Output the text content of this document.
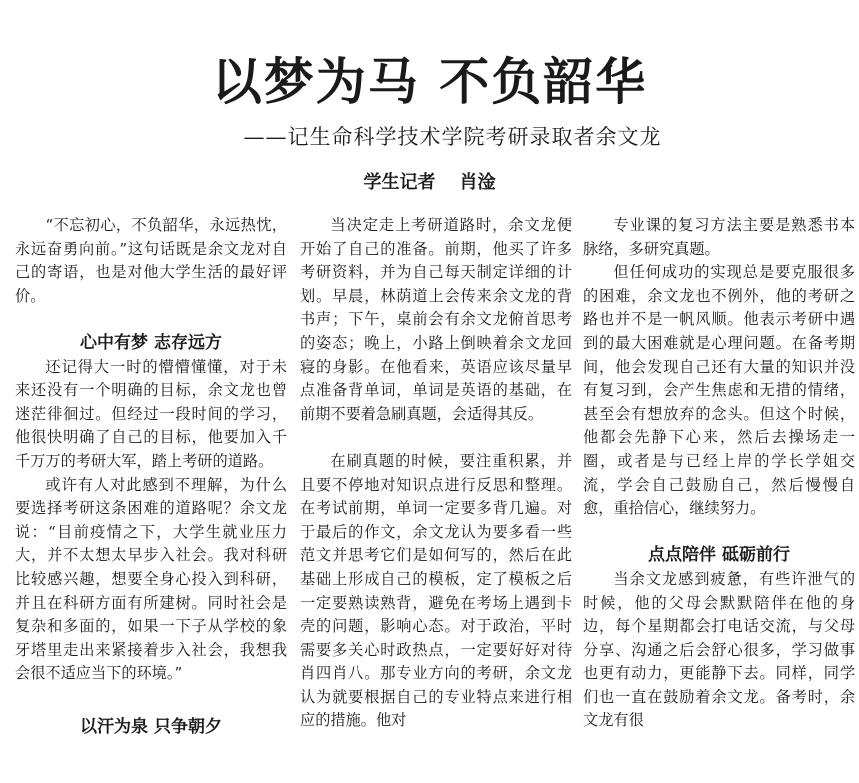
以梦为马 不负韶华
——记生命科学技术学院考研录取者余文龙
学生记者 肖淦

“不忘初心，不负韶华，永远热忱，永远奋勇向前。”这句话既是余文龙对自己的寄语，也是对他大学生活的最好评价。

心中有梦 志存远方

还记得大一时的懵懵懂懂，对于未来还没有一个明确的目标，余文龙也曾迷茫徘徊过。但经过一段时间的学习，他很快明确了自己的目标，他要加入千千万万的考研大军，踏上考研的道路。

或许有人对此感到不理解，为什么要选择考研这条困难的道路呢？余文龙说：“目前疫情之下，大学生就业压力大，并不太想太早步入社会。我对科研比较感兴趣，想要全身心投入到科研，并且在科研方面有所建树。同时社会是复杂和多面的，如果一下子从学校的象牙塔里走出来紧接着步入社会，我想我会很不适应当下的环境。”

以汗为泉 只争朝夕

当决定走上考研道路时，余文龙便开始了自己的准备。前期，他买了许多考研资料，并为自己每天制定详细的计划。早晨，林荫道上会传来余文龙的背书声；下午，桌前会有余文龙俯首思考的姿态；晚上，小路上倒映着余文龙回寝的身影。在他看来，英语应该尽量早点准备背单词，单词是英语的基础，在前期不要着急刷真题，会适得其反。

在刷真题的时候，要注重积累，并且要不停地对知识点进行反思和整理。在考试前期，单词一定要多背几遍。对于最后的作文，余文龙认为要多看一些范文并思考它们是如何写的，然后在此基础上形成自己的模板，定了模板之后一定要熟读熟背，避免在考场上遇到卡壳的问题，影响心态。对于政治，平时需要多关心时政热点，一定要好好对待肖四肖八。那专业方向的考研，余文龙认为就要根据自己的专业特点来进行相应的措施。他对

专业课的复习方法主要是熟悉书本脉络，多研究真题。

但任何成功的实现总是要克服很多的困难，余文龙也不例外，他的考研之路也并不是一帆风顺。他表示考研中遇到的最大困难就是心理问题。在备考期间，他会发现自己还有大量的知识并没有复习到，会产生焦虑和无措的情绪，甚至会有想放弃的念头。但这个时候，他都会先静下心来，然后去操场走一圈，或者是与已经上岸的学长学姐交流，学会自己鼓励自己，然后慢慢自愈，重拾信心，继续努力。

点点陪伴 砥砺前行

当余文龙感到疲惫，有些许泄气的时候，他的父母会默默陪伴在他的身边，每个星期都会打电话交流，与父母分享、沟通之后会舒心很多，学习做事也更有动力，更能静下去。同样，同学们也一直在鼓励着余文龙。备考时，余文龙有很
